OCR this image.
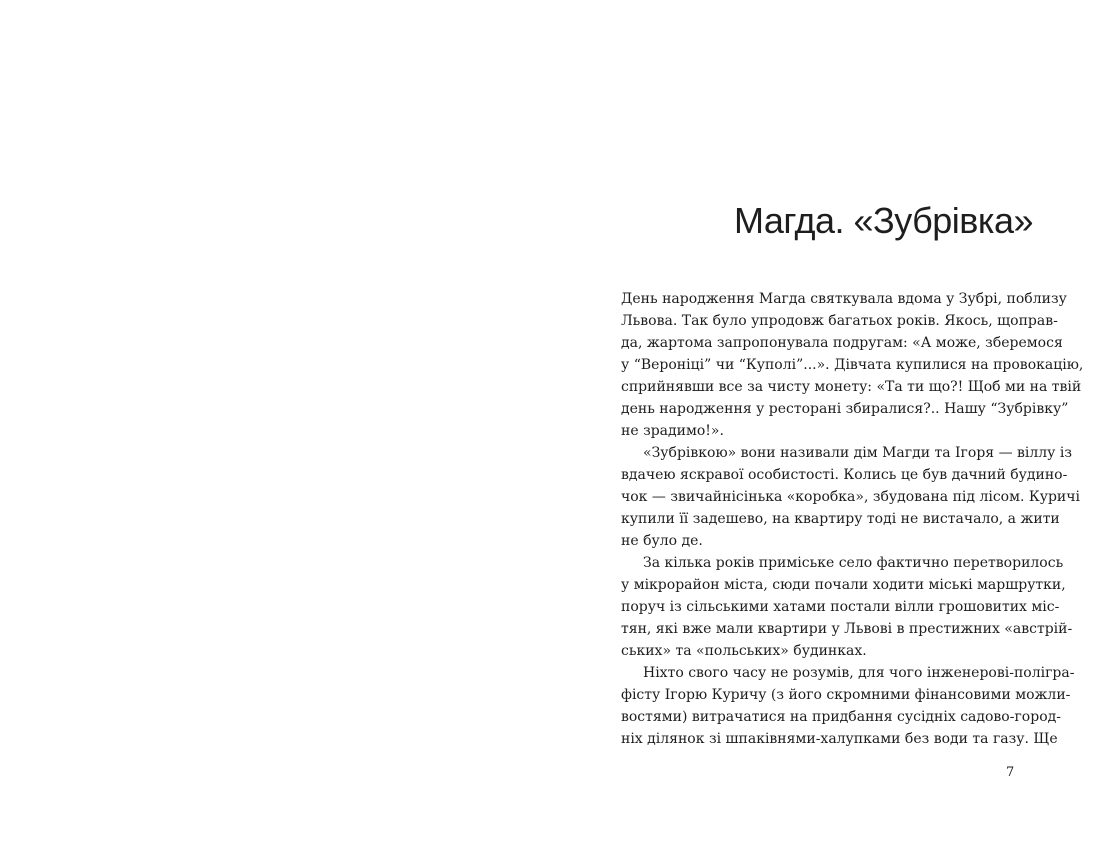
Магда. «Зубрівка»
День народження Магда святкувала вдома у Зубрі, поблизу
Львова. Так було упродовж багатьох років. Якось, щоправ-
да, жартома запропонувала подругам: «А може, зберемося
у “Вероніці” чи “Куполі”...». Дівчата купилися на провокацію,
сприйнявши все за чисту монету: «Та ти що?! Щоб ми на твій
день народження у ресторані збиралися?.. Нашу “Зубрівку”
не зрадимо!».
«Зубрівкою» вони називали дім Магди та Ігоря — віллу із
вдачею яскравої особистості. Колись це був дачний будино-
чок — звичайнісінька «коробка», збудована під лісом. Куричі
купили її задешево, на квартиру тоді не вистачало, а жити
не було де.
За кілька років приміське село фактично перетворилось
у мікрорайон міста, сюди почали ходити міські маршрутки,
поруч із сільськими хатами постали вілли грошовитих міс-
тян, які вже мали квартири у Львові в престижних «австрій-
ських» та «польських» будинках.
Ніхто свого часу не розумів, для чого інженерові-полігра-
фісту Ігорю Куричу (з його скромними фінансовими можли-
востями) витрачатися на придбання сусідніх садово-город-
ніх ділянок зі шпаківнями-халупками без води та газу. Ще
7
